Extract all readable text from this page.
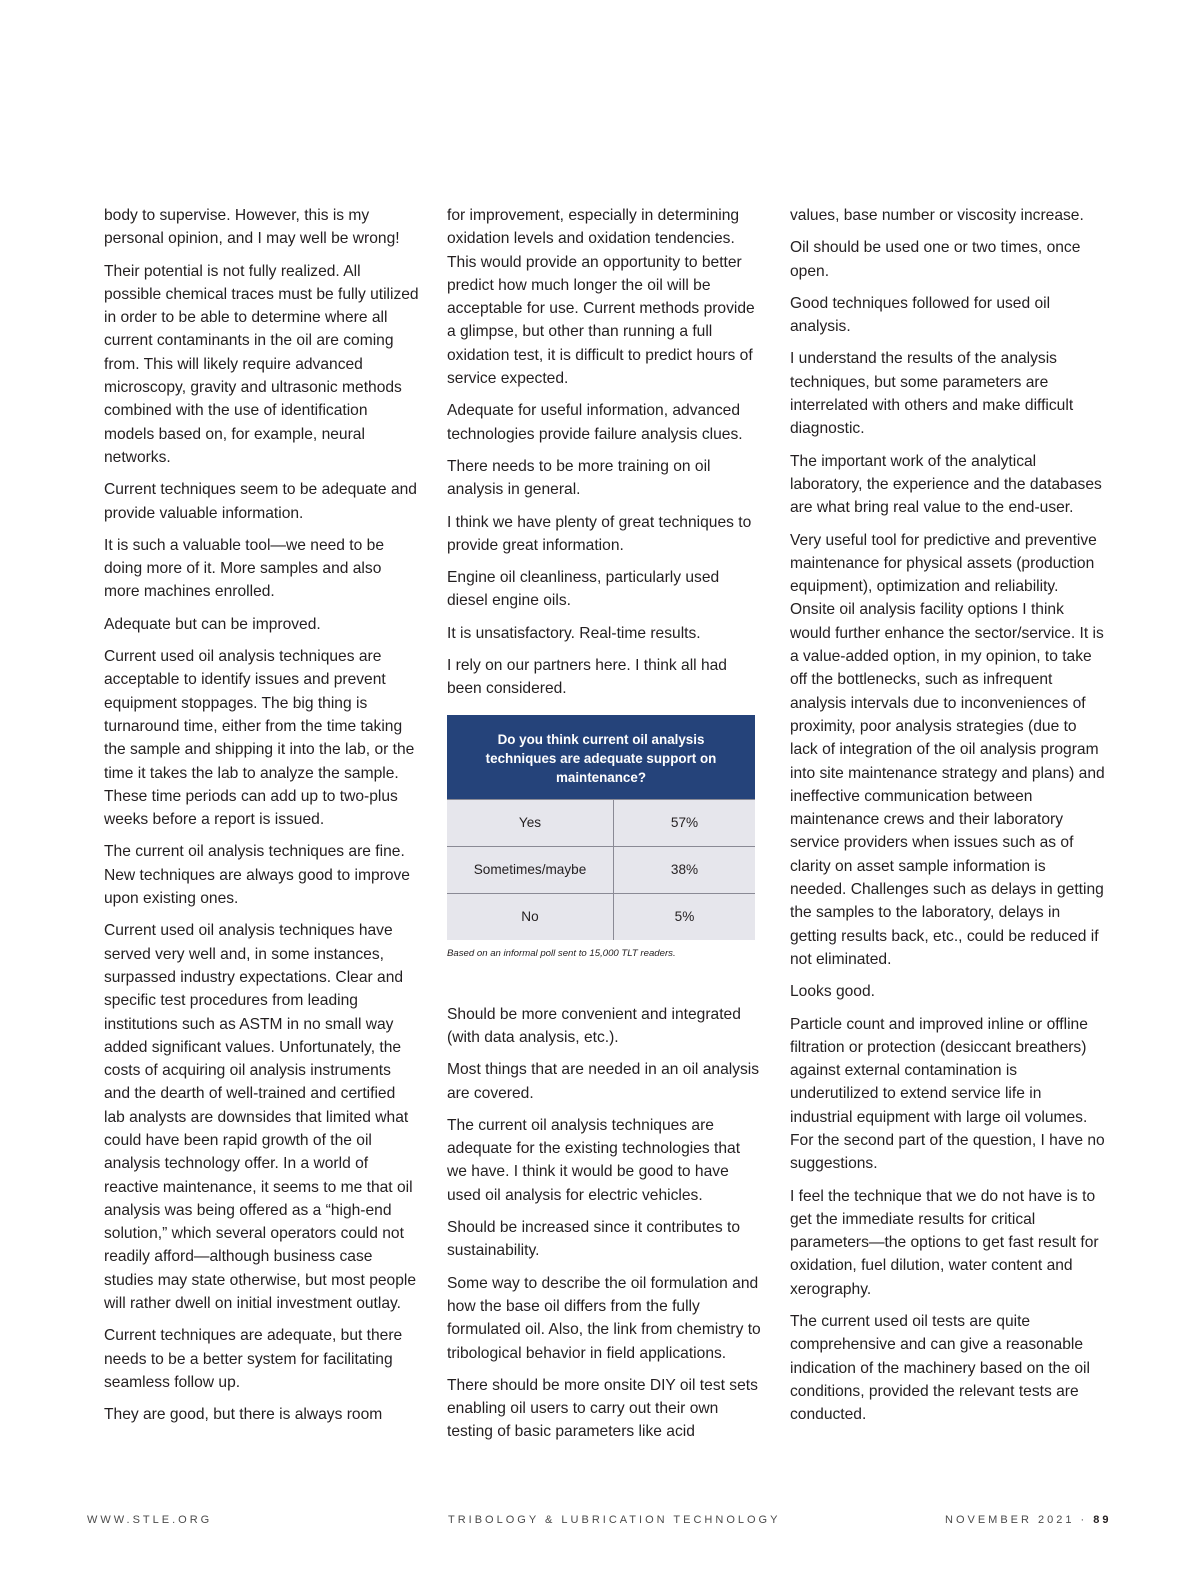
body to supervise. However, this is my personal opinion, and I may well be wrong!

Their potential is not fully realized. All possible chemical traces must be fully utilized in order to be able to determine where all current contaminants in the oil are coming from. This will likely require advanced microscopy, gravity and ultrasonic methods combined with the use of identification models based on, for example, neural networks.

Current techniques seem to be adequate and provide valuable information.

It is such a valuable tool—we need to be doing more of it. More samples and also more machines enrolled.

Adequate but can be improved.

Current used oil analysis techniques are acceptable to identify issues and prevent equipment stoppages. The big thing is turnaround time, either from the time taking the sample and shipping it into the lab, or the time it takes the lab to analyze the sample. These time periods can add up to two-plus weeks before a report is issued.

The current oil analysis techniques are fine. New techniques are always good to improve upon existing ones.

Current used oil analysis techniques have served very well and, in some instances, surpassed industry expectations. Clear and specific test procedures from leading institutions such as ASTM in no small way added significant values. Unfortunately, the costs of acquiring oil analysis instruments and the dearth of well-trained and certified lab analysts are downsides that limited what could have been rapid growth of the oil analysis technology offer. In a world of reactive maintenance, it seems to me that oil analysis was being offered as a “high-end solution,” which several operators could not readily afford—although business case studies may state otherwise, but most people will rather dwell on initial investment outlay.

Current techniques are adequate, but there needs to be a better system for facilitating seamless follow up.

They are good, but there is always room

for improvement, especially in determining oxidation levels and oxidation tendencies. This would provide an opportunity to better predict how much longer the oil will be acceptable for use. Current methods provide a glimpse, but other than running a full oxidation test, it is difficult to predict hours of service expected.

Adequate for useful information, advanced technologies provide failure analysis clues.

There needs to be more training on oil analysis in general.

I think we have plenty of great techniques to provide great information.

Engine oil cleanliness, particularly used diesel engine oils.

It is unsatisfactory. Real-time results.

I rely on our partners here. I think all had been considered.

Do you think current oil analysis techniques are adequate support on maintenance?
Yes	57%
Sometimes/maybe	38%
No	5%
Based on an informal poll sent to 15,000 TLT readers.

Should be more convenient and integrated (with data analysis, etc.).

Most things that are needed in an oil analysis are covered.

The current oil analysis techniques are adequate for the existing technologies that we have. I think it would be good to have used oil analysis for electric vehicles.

Should be increased since it contributes to sustainability.

Some way to describe the oil formulation and how the base oil differs from the fully formulated oil. Also, the link from chemistry to tribological behavior in field applications.

There should be more onsite DIY oil test sets enabling oil users to carry out their own testing of basic parameters like acid

values, base number or viscosity increase.

Oil should be used one or two times, once open.

Good techniques followed for used oil analysis.

I understand the results of the analysis techniques, but some parameters are interrelated with others and make difficult diagnostic.

The important work of the analytical laboratory, the experience and the databases are what bring real value to the end-user.

Very useful tool for predictive and preventive maintenance for physical assets (production equipment), optimization and reliability. Onsite oil analysis facility options I think would further enhance the sector/service. It is a value-added option, in my opinion, to take off the bottlenecks, such as infrequent analysis intervals due to inconveniences of proximity, poor analysis strategies (due to lack of integration of the oil analysis program into site maintenance strategy and plans) and ineffective communication between maintenance crews and their laboratory service providers when issues such as of clarity on asset sample information is needed. Challenges such as delays in getting the samples to the laboratory, delays in getting results back, etc., could be reduced if not eliminated.

Looks good.

Particle count and improved inline or offline filtration or protection (desiccant breathers) against external contamination is underutilized to extend service life in industrial equipment with large oil volumes. For the second part of the question, I have no suggestions.

I feel the technique that we do not have is to get the immediate results for critical parameters—the options to get fast result for oxidation, fuel dilution, water content and xerography.

The current used oil tests are quite comprehensive and can give a reasonable indication of the machinery based on the oil conditions, provided the relevant tests are conducted.

WWW.STLE.ORG	TRIBOLOGY & LUBRICATION TECHNOLOGY	NOVEMBER 2021 · 89
